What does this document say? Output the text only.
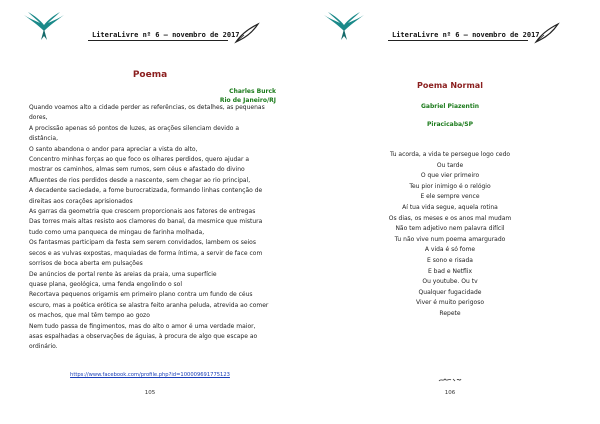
LiteraLivre nº 6 – novembro de 2017
Poema
Charles Burck
Rio de Janeiro/RJ
Quando voamos alto a cidade perder as referências, os detalhes, as pequenas
dores,
A procissão apenas só pontos de luzes, as orações silenciam devido a
distância,
O santo abandona o andor para apreciar a vista do alto,
Concentro minhas forças ao que foco os olhares perdidos, quero ajudar a
mostrar os caminhos, almas sem rumos, sem céus e afastado do divino
Afluentes de rios perdidos desde a nascente, sem chegar ao rio principal,
A decadente saciedade, a fome burocratizada, formando linhas contenção de
direitas aos corações aprisionados
As garras da geometria que crescem proporcionais aos fatores de entregas
Das torres mais altas resisto aos clamores do banal, da mesmice que mistura
tudo como uma panqueca de mingau de farinha molhada,
Os fantasmas participam da festa sem serem convidados, lambem os seios
secos e as vulvas expostas, maquiadas de forma íntima, a servir de face com
sorrisos de boca aberta em pulsações
De anúncios de portal rente às areias da praia, uma superfície
quase plana, geológica, uma fenda engolindo o sol
Recortava pequenos origamis em primeiro plano contra um fundo de céus
escuro, mas a poética erótica se alastra feito aranha peluda, atrevida ao comer
os machos, que mal têm tempo ao gozo
Nem tudo passa de fingimentos, mas do alto o amor é uma verdade maior,
asas espalhadas a observações de águias, à procura de algo que escape ao
ordinário.
https://www.facebook.com/profile.php?id=100009691775123
105
LiteraLivre nº 6 – novembro de 2017
Poema Normal
Gabriel Piazentin
Piracicaba/SP
Tu acorda, a vida te persegue logo cedo
Ou tarde
O que vier primeiro
Teu pior inimigo é o relógio
E ele sempre vence
Aí tua vida segue, aquela rotina
Os dias, os meses e os anos mal mudam
Não tem adjetivo nem palavra difícil
Tu não vive num poema amargurado
A vida é só fome
E sono e risada
E bad e Netflix
Ou youtube. Ou tv
Qualquer fugacidade
Viver é muito perigoso
Repete
106
